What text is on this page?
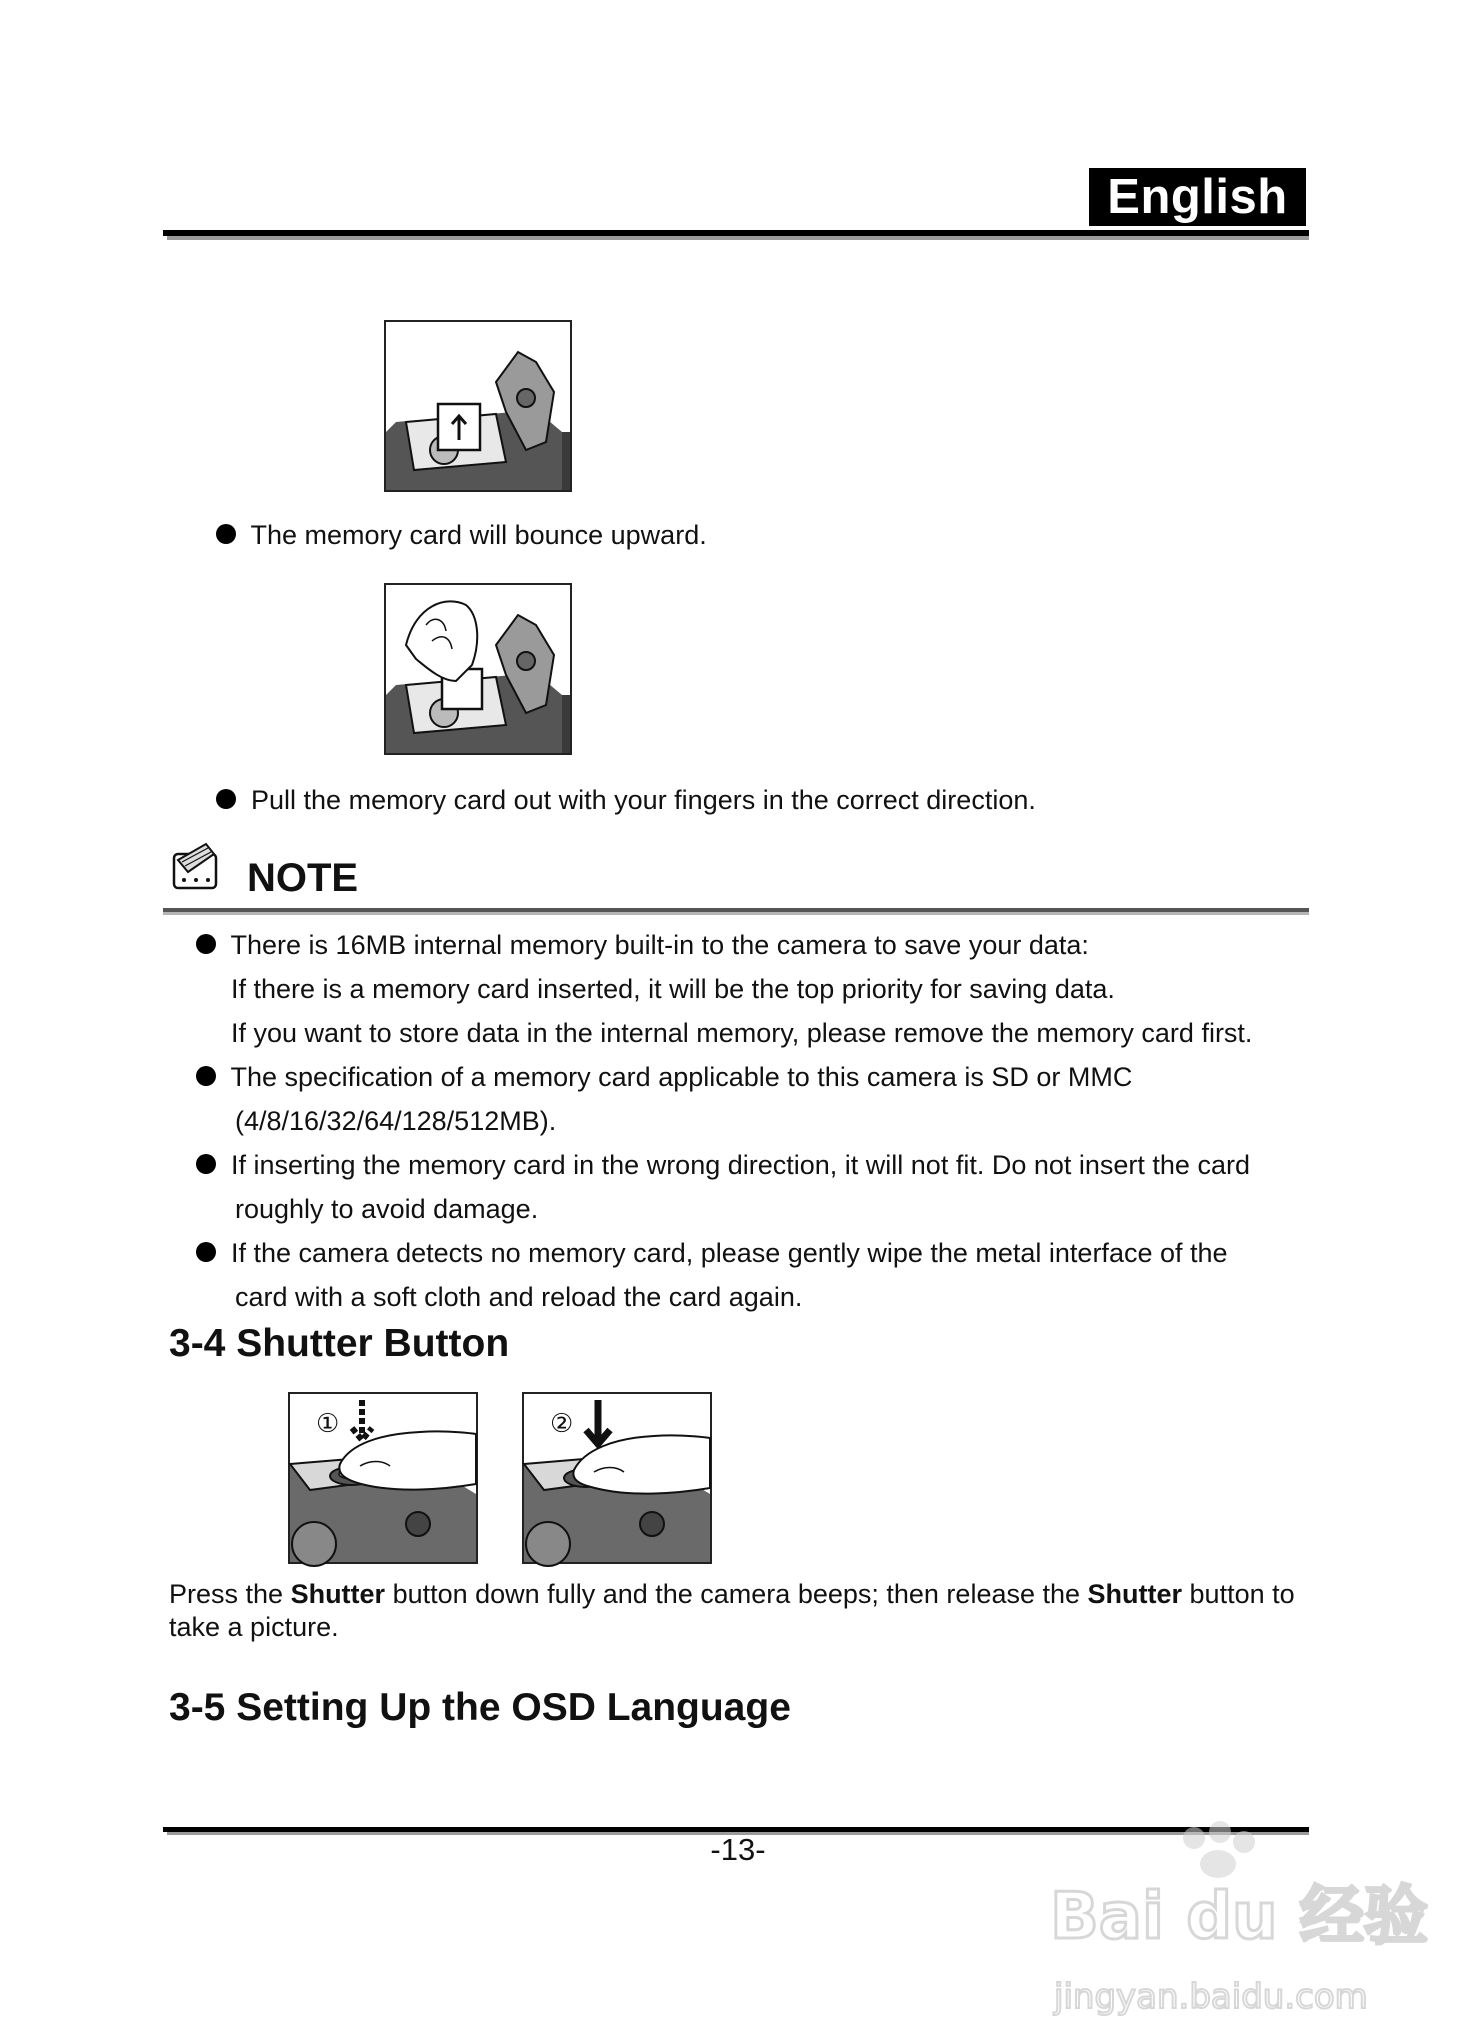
English
The memory card will bounce upward.
Pull the memory card out with your fingers in the correct direction.
NOTE
There is 16MB internal memory built-in to the camera to save your data:
If there is a memory card inserted, it will be the top priority for saving data.
If you want to store data in the internal memory, please remove the memory card first.
The specification of a memory card applicable to this camera is SD or MMC
(4/8/16/32/64/128/512MB).
If inserting the memory card in the wrong direction, it will not fit. Do not insert the card
roughly to avoid damage.
If the camera detects no memory card, please gently wipe the metal interface of the
card with a soft cloth and reload the card again.
3-4 Shutter Button
①	②
Press the Shutter button down fully and the camera beeps; then release the Shutter button to take a picture.
3-5 Setting Up the OSD Language
-13-
Bai du 经验
jingyan.baidu.com
